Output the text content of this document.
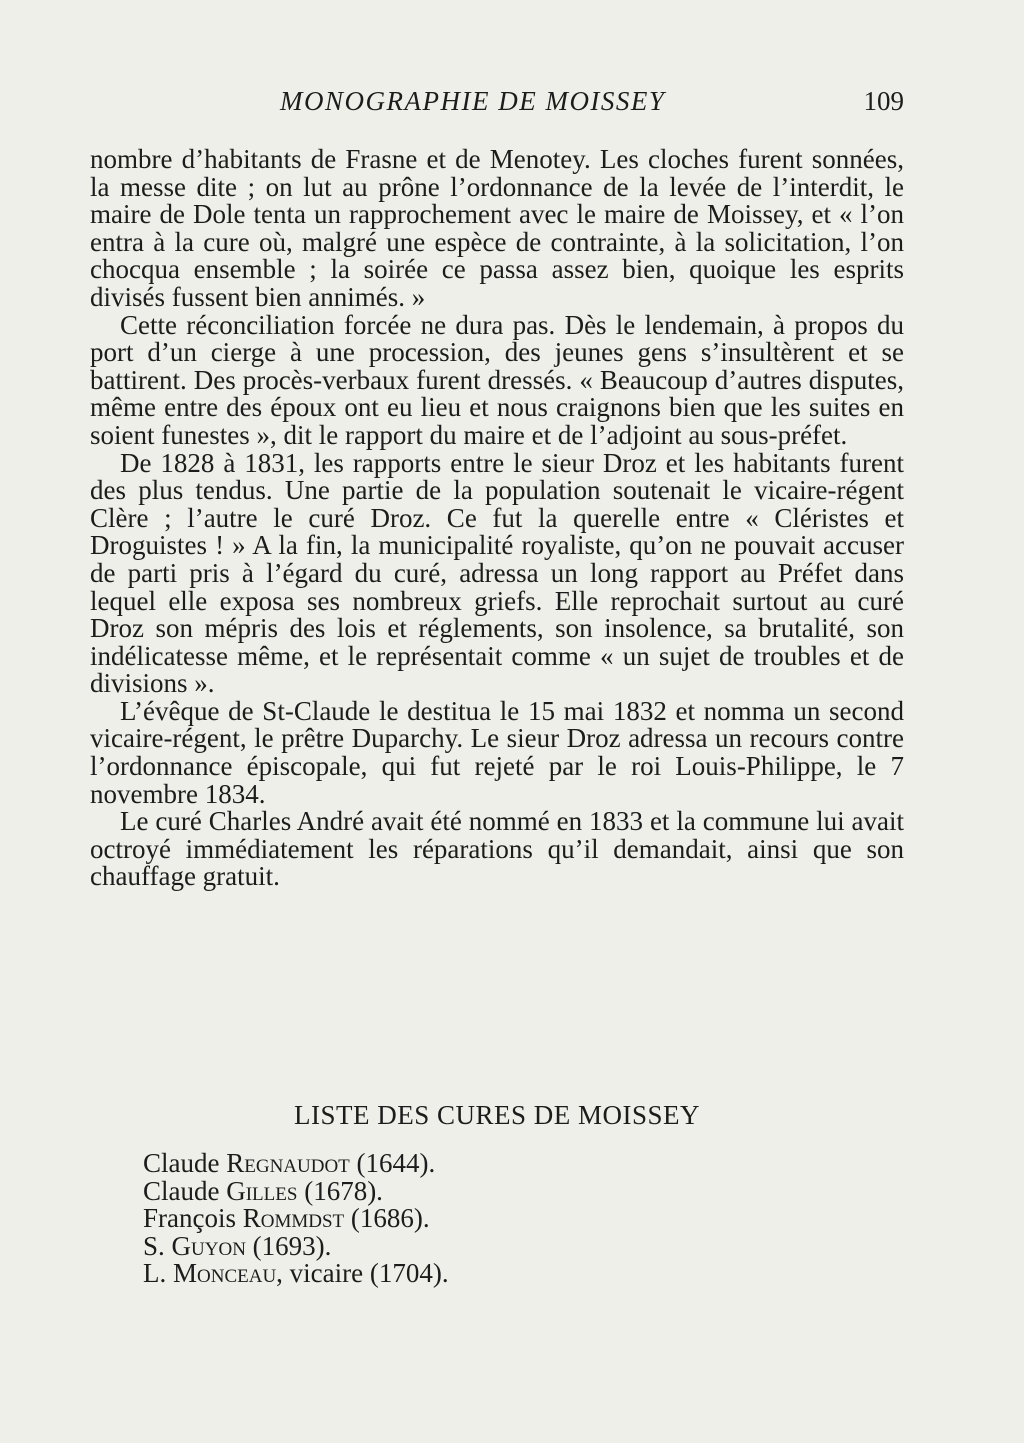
MONOGRAPHIE DE MOISSEY	109

nombre d’habitants de Frasne et de Menotey. Les cloches furent sonnées, la messe dite ; on lut au prône l’ordonnance de la levée de l’interdit, le maire de Dole tenta un rapprochement avec le maire de Moissey, et « l’on entra à la cure où, malgré une espèce de contrainte, à la solicitation, l’on chocqua ensemble ; la soirée ce passa assez bien, quoique les esprits divisés fussent bien annimés. »

Cette réconciliation forcée ne dura pas. Dès le lendemain, à propos du port d’un cierge à une procession, des jeunes gens s’insultèrent et se battirent. Des procès-verbaux furent dressés. « Beaucoup d’autres disputes, même entre des époux ont eu lieu et nous craignons bien que les suites en soient funestes », dit le rapport du maire et de l’adjoint au sous-préfet.

De 1828 à 1831, les rapports entre le sieur Droz et les habitants furent des plus tendus. Une partie de la population soutenait le vicaire-régent Clère ; l’autre le curé Droz. Ce fut la querelle entre « Cléristes et Droguistes ! » A la fin, la municipalité royaliste, qu’on ne pouvait accuser de parti pris à l’égard du curé, adressa un long rapport au Préfet dans lequel elle exposa ses nombreux griefs. Elle reprochait surtout au curé Droz son mépris des lois et réglements, son insolence, sa brutalité, son indélicatesse même, et le représentait comme « un sujet de troubles et de divisions ».

L’évêque de St-Claude le destitua le 15 mai 1832 et nomma un second vicaire-régent, le prêtre Duparchy. Le sieur Droz adressa un recours contre l’ordonnance épiscopale, qui fut rejeté par le roi Louis-Philippe, le 7 novembre 1834.

Le curé Charles André avait été nommé en 1833 et la commune lui avait octroyé immédiatement les réparations qu’il demandait, ainsi que son chauffage gratuit.

LISTE DES CURES DE MOISSEY
Claude Regnaudot (1644).
Claude Gilles (1678).
François Rommdst (1686).
S. Guyon (1693).
L. Monceau, vicaire (1704).
